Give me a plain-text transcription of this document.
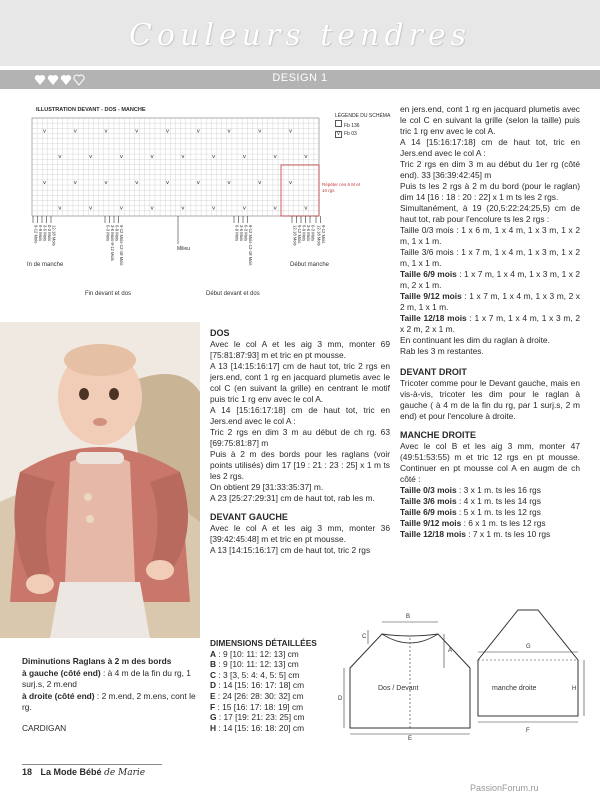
Couleurs tendres
DESIGN 1
ILLUSTRATION DEVANT - DOS - MANCHE
LÉGENDE DU SCHÉMA
Fb 136
v Fb 03
v	v	v	v	v	v	v	v	v
v	v	v	v	v	v	v	v	v
v	v	v	v	v	v	v	v	v
v	v	v	v	v	v	v	v	v
Répéter ces 6 M et
10 rgs
9-12 Mois 6-9 Mois 3-6 Mois 0-3 Mois 12-18 Mois	0-3 Mois 3-6 Mois-9-12 Mois 6-9 Mois 9-12 Mois-12-18 Mois	6-9 Mois 3-6 Mois 0-3 Mois 9-12 Mois-12-18 Mois	12-18 Mois 9-12 Mois 6-9 Mois 3-6 Mois 0-3 Mois 12-18 Mois 9-12 Mois
Milieu
In de manche	Début manche
Fin devant et dos	Début devant et dos

en jers.end, cont 1 rg en jacquard plumetis avec le col C en suivant la grille (selon la taille) puis tric 1 rg env avec le col A.

A 14 [15:16:17:18] cm de haut tot, tric en Jers.end avec le col A :

Tric 2 rgs en dim 3 m au début du 1er rg (côté end). 33 [36:39:42:45] m

Puis ts les 2 rgs à 2 m du bord (pour le raglan) dim 14 [16 : 18 : 20 : 22] x 1 m ts les 2 rgs.

Simultanément, à 19 (20,5:22:24:25,5) cm de haut tot, rab pour l'encolure ts les 2 rgs :

Taille 0/3 mois : 1 x 6 m, 1 x 4 m, 1 x 3 m, 1 x 2 m, 1 x 1 m.

Taille 3/6 mois : 1 x 7 m, 1 x 4 m, 1 x 3 m, 1 x 2 m, 1 x 1 m.

Taille 6/9 mois : 1 x 7 m, 1 x 4 m, 1 x 3 m, 1 x 2 m, 2 x 1 m.

Taille 9/12 mois : 1 x 7 m, 1 x 4 m, 1 x 3 m, 2 x 2 m, 1 x 1 m.

Taille 12/18 mois : 1 x 7 m, 1 x 4 m, 1 x 3 m, 2 x 2 m, 2 x 1 m.

En continuant les dim du raglan à droite.

Rab les 3 m restantes.

DOS

Avec le col A et les aig 3 mm, monter 69 [75:81:87:93] m et tric en pt mousse.

A 13 [14:15:16:17] cm de haut tot, tric 2 rgs en jers.end, cont 1 rg en jacquard plumetis avec le col C (en suivant la grille) en centrant le motif puis tric 1 rg env avec le col A.

A 14 [15:16:17:18] cm de haut tot, tric en Jers.end avec le col A :

Tric 2 rgs en dim 3 m au début de ch rg. 63 [69:75:81:87] m

Puis à 2 m des bords pour les raglans (voir points utilisés) dim 17 [19 : 21 : 23 : 25] x 1 m ts les 2 rgs.

On obtient 29 [31:33:35:37] m.

A 23 [25:27:29:31] cm de haut tot, rab les m.

DEVANT GAUCHE

Avec le col A et les aig 3 mm, monter 36 [39:42:45:48] m et tric en pt mousse.

A 13 [14:15:16:17] cm de haut tot, tric 2 rgs

DEVANT DROIT

Tricoter comme pour le Devant gauche, mais en vis-à-vis, tricoter les dim pour le raglan à gauche ( à 4 m de la fin du rg, par 1 surj.s, 2 m end) et pour l'encolure à droite.

MANCHE DROITE

Avec le col B et les aig 3 mm, monter 47 (49:51:53:55) m et tric 12 rgs en pt mousse. Continuer en pt mousse col A en augm de ch côté :

Taille 0/3 mois : 3 x 1 m. ts les 16 rgs

Taille 3/6 mois : 4 x 1 m. ts les 14 rgs

Taille 6/9 mois : 5 x 1 m. ts les 12 rgs

Taille 9/12 mois : 6 x 1 m. ts les 12 rgs

Taille 12/18 mois : 7 x 1 m. ts les 10 rgs

Diminutions Raglans à 2 m des bords
à gauche (côté end) : à 4 m de la fin du rg, 1 surj.s, 2 m.end
à droite (côté end) : 2 m.end, 2 m.ens, cont le rg.
CARDIGAN
DIMENSIONS DÉTAILLÉES
A : 9 [10: 11: 12: 13] cm
B : 9 [10: 11: 12: 13] cm
C : 3 [3, 5: 4: 4, 5: 5] cm
D : 14 [15: 16: 17: 18] cm
E : 24 [26: 28: 30: 32] cm
F : 15 [16: 17: 18: 19] cm
G : 17 [19: 21: 23: 25] cm
H : 14 [15: 16: 18: 20] cm
Dos / Devant
B
A
C
D
E
manche droite
G
F
H
18 La Mode Bébé de Marie
PassionForum.ru
